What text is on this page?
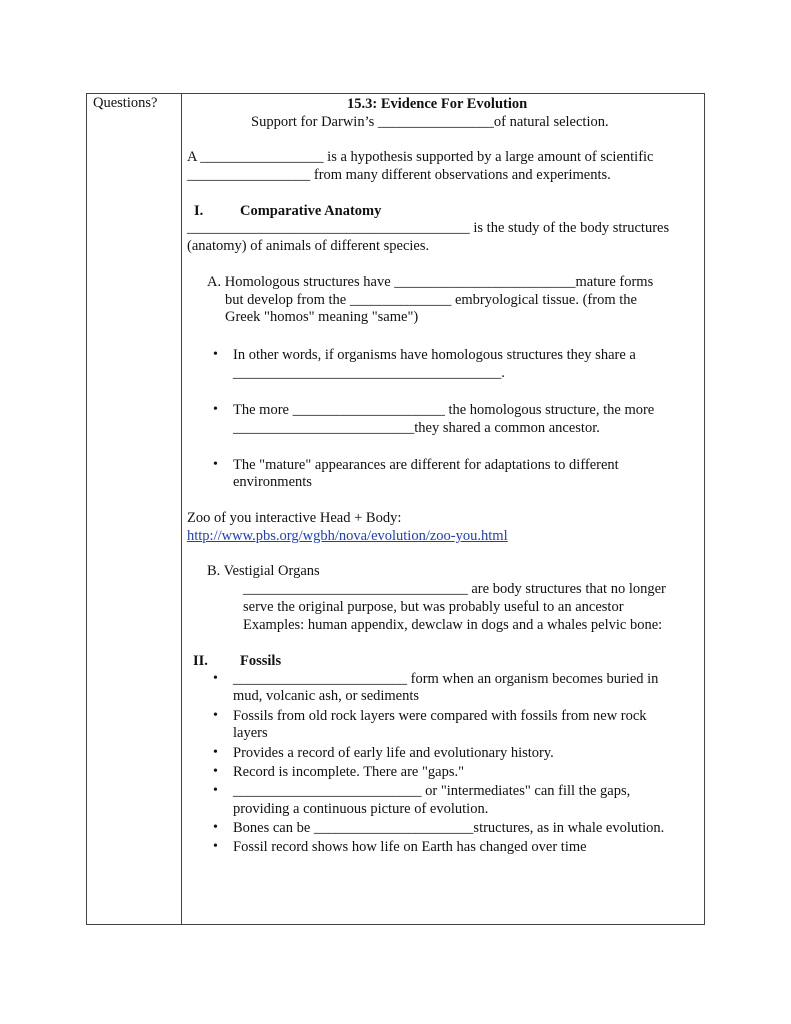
Questions?	15.3: Evidence For Evolution
Support for Darwin’s ________________of natural selection.
A _________________ is a hypothesis supported by a large amount of scientific
_________________ from many different observations and experiments.
I.	Comparative Anatomy
_______________________________________ is the study of the body structures
(anatomy) of animals of different species.
A. Homologous structures have _________________________mature forms
but develop from the ______________ embryological tissue. (from the
Greek "homos" meaning "same")
• In other words, if organisms have homologous structures they share a
_____________________________________.
• The more _____________________ the homologous structure, the more
_________________________they shared a common ancestor.
• The "mature" appearances are different for adaptations to different
environments
Zoo of you interactive Head + Body:
http://www.pbs.org/wgbh/nova/evolution/zoo-you.html
B. Vestigial Organs
_______________________________ are body structures that no longer
serve the original purpose, but was probably useful to an ancestor
Examples: human appendix, dewclaw in dogs and a whales pelvic bone:
II. Fossils
• ________________________ form when an organism becomes buried in
mud, volcanic ash, or sediments
• Fossils from old rock layers were compared with fossils from new rock
layers
• Provides a record of early life and evolutionary history.
• Record is incomplete. There are "gaps."
• __________________________ or "intermediates" can fill the gaps,
providing a continuous picture of evolution.
• Bones can be ______________________structures, as in whale evolution.
• Fossil record shows how life on Earth has changed over time
